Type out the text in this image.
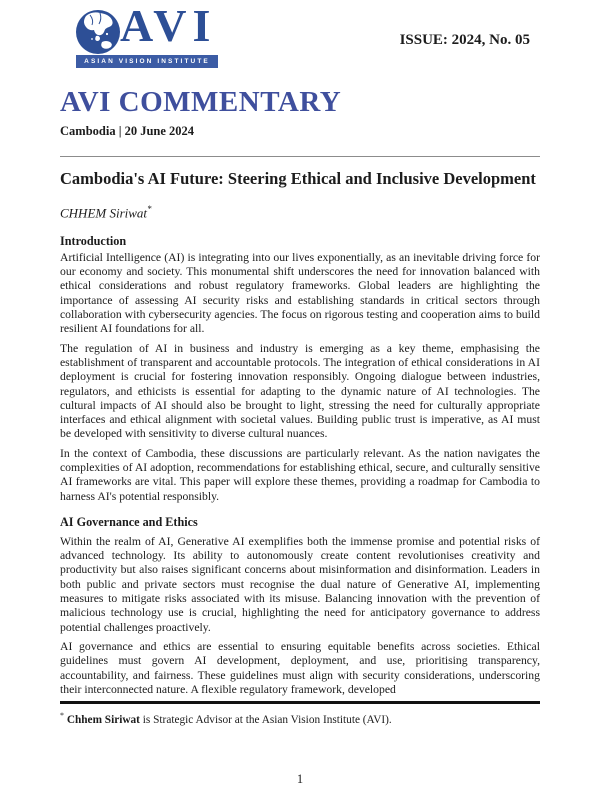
AVI
ASIAN VISION INSTITUTE
ISSUE: 2024, No. 05
AVI COMMENTARY
Cambodia | 20 June 2024
Cambodia's AI Future: Steering Ethical and Inclusive Development
CHHEM Siriwat*
Introduction

Artificial Intelligence (AI) is integrating into our lives exponentially, as an inevitable driving force for our economy and society. This monumental shift underscores the need for innovation balanced with ethical considerations and robust regulatory frameworks. Global leaders are highlighting the importance of assessing AI security risks and establishing standards in critical sectors through collaboration with cybersecurity agencies. The focus on rigorous testing and cooperation aims to build resilient AI foundations for all.

The regulation of AI in business and industry is emerging as a key theme, emphasising the establishment of transparent and accountable protocols. The integration of ethical considerations in AI deployment is crucial for fostering innovation responsibly. Ongoing dialogue between industries, regulators, and ethicists is essential for adapting to the dynamic nature of AI technologies. The cultural impacts of AI should also be brought to light, stressing the need for culturally appropriate interfaces and ethical alignment with societal values. Building public trust is imperative, as AI must be developed with sensitivity to diverse cultural nuances.

In the context of Cambodia, these discussions are particularly relevant. As the nation navigates the complexities of AI adoption, recommendations for establishing ethical, secure, and culturally sensitive AI frameworks are vital. This paper will explore these themes, providing a roadmap for Cambodia to harness AI's potential responsibly.

AI Governance and Ethics

Within the realm of AI, Generative AI exemplifies both the immense promise and potential risks of advanced technology. Its ability to autonomously create content revolutionises creativity and productivity but also raises significant concerns about misinformation and disinformation. Leaders in both public and private sectors must recognise the dual nature of Generative AI, implementing measures to mitigate risks associated with its misuse. Balancing innovation with the prevention of malicious technology use is crucial, highlighting the need for anticipatory governance to address potential challenges proactively.

AI governance and ethics are essential to ensuring equitable benefits across societies. Ethical guidelines must govern AI development, deployment, and use, prioritising transparency, accountability, and fairness. These guidelines must align with security considerations, underscoring their interconnected nature. A flexible regulatory framework, developed

* Chhem Siriwat is Strategic Advisor at the Asian Vision Institute (AVI).
1
